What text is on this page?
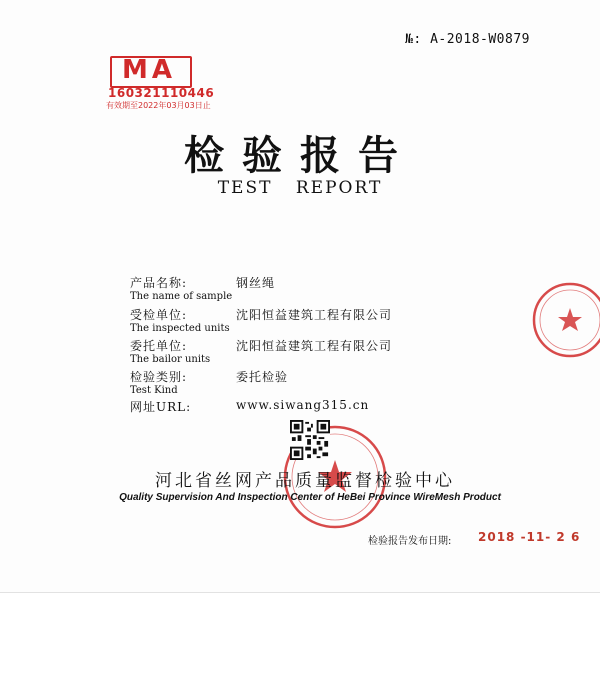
№: A-2018-W0879
MA
160321110446
有效期至2022年03月03日止
检验报告
TEST REPORT
产品名称:
The name of sample
钢丝绳
受检单位:
The inspected units
沈阳恒益建筑工程有限公司
委托单位:
The bailor units
沈阳恒益建筑工程有限公司
检验类别:
Test Kind
委托检验
网址URL:	www.siwang315.cn
河北省丝网产品质量监督检验中心
Quality Supervision And Inspection Center of HeBei Province WireMesh Product
检验报告发布日期: 2018 -11- 2 6
